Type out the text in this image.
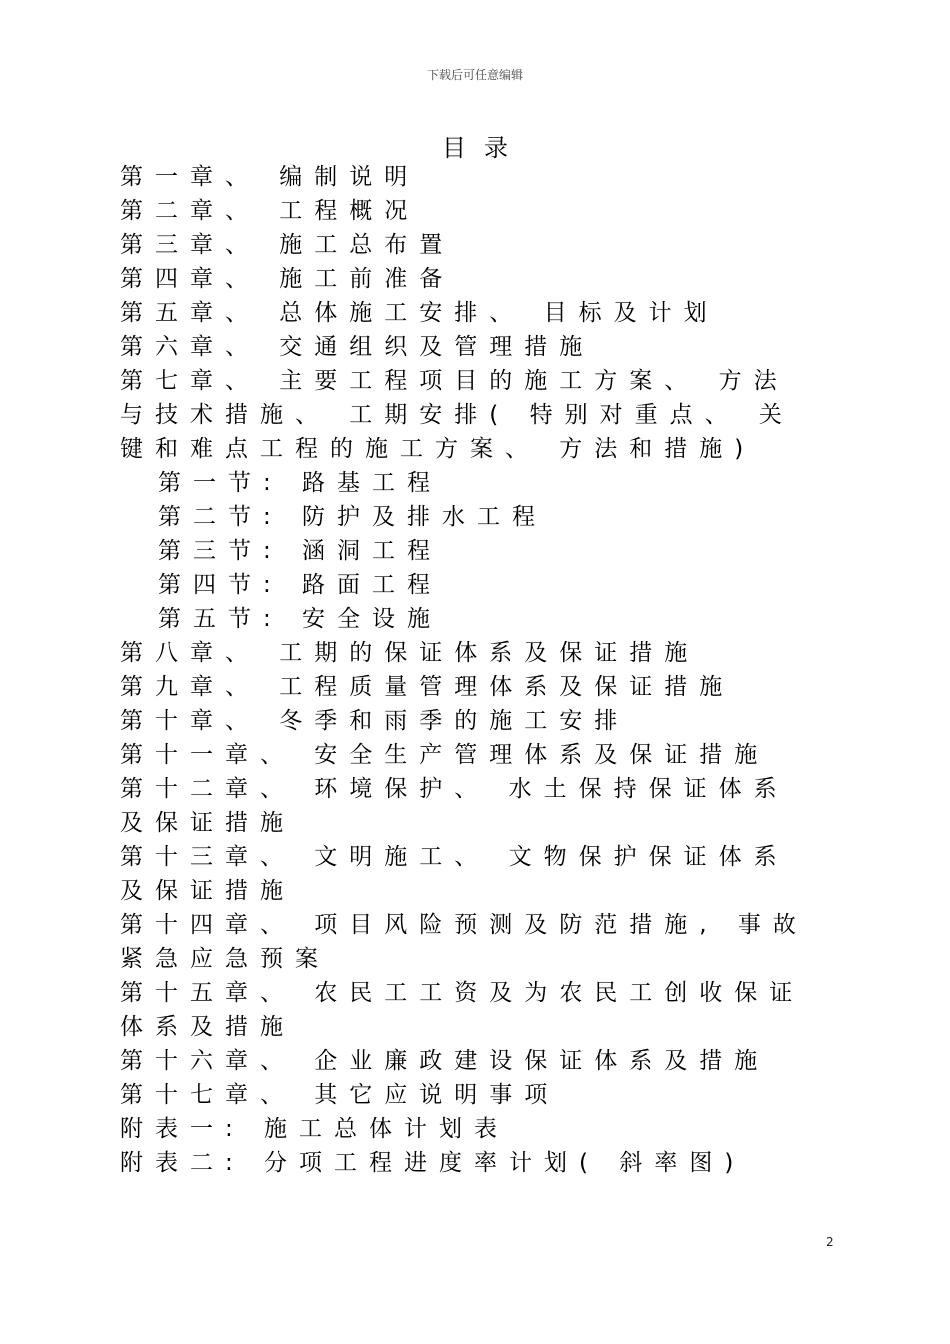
下载后可任意编辑
目录
第一章、 编制说明
第二章、 工程概况
第三章、 施工总布置
第四章、 施工前准备
第五章、 总体施工安排、 目标及计划
第六章、 交通组织及管理措施
第七章、 主要工程项目的施工方案、 方法与技术措施、 工期安排( 特别对重点、 关键和难点工程的施工方案、 方法和措施)
第一节: 路基工程
第二节: 防护及排水工程
第三节: 涵洞工程
第四节: 路面工程
第五节: 安全设施
第八章、 工期的保证体系及保证措施
第九章、 工程质量管理体系及保证措施
第十章、 冬季和雨季的施工安排
第十一章、 安全生产管理体系及保证措施
第十二章、 环境保护、 水土保持保证体系及保证措施
第十三章、 文明施工、 文物保护保证体系及保证措施
第十四章、 项目风险预测及防范措施, 事故紧急应急预案
第十五章、 农民工工资及为农民工创收保证体系及措施
第十六章、 企业廉政建设保证体系及措施
第十七章、 其它应说明事项
附表一: 施工总体计划表
附表二: 分项工程进度率计划( 斜率图)
2
